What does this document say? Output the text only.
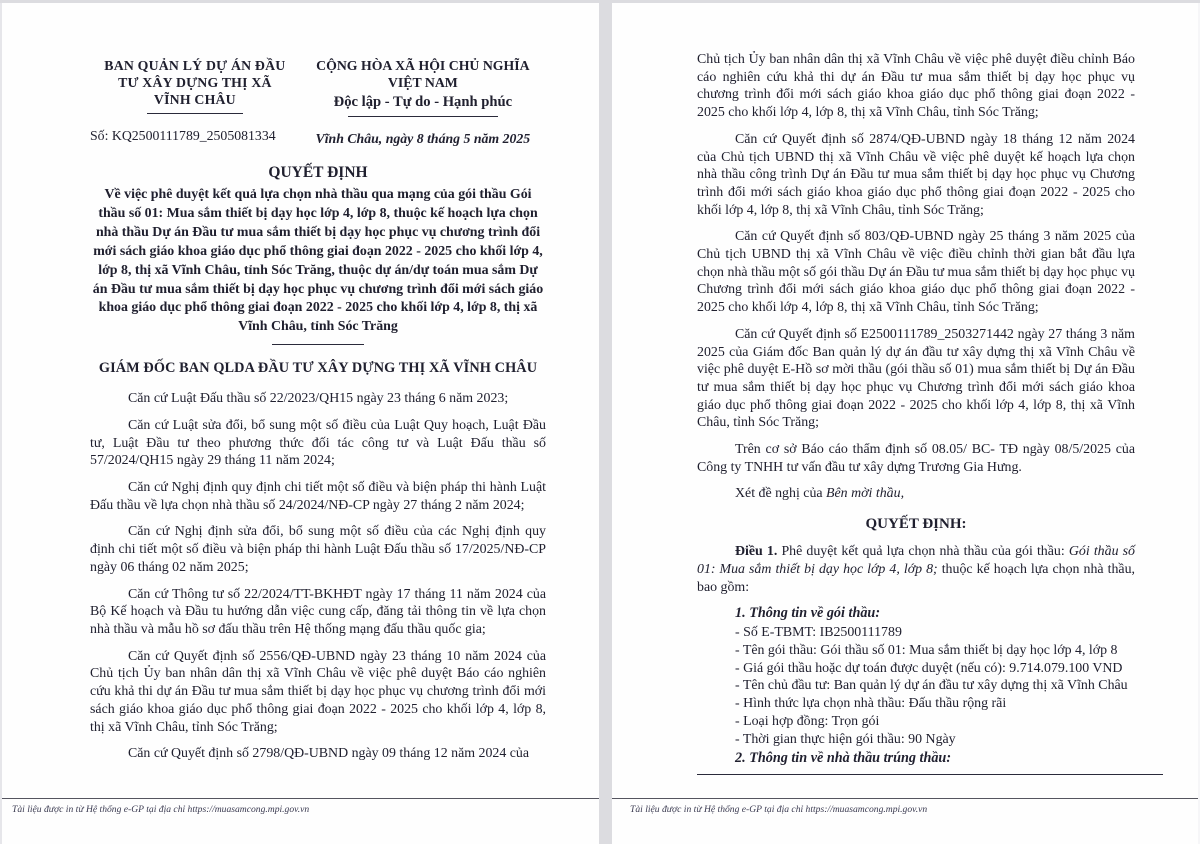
BAN QUẢN LÝ DỰ ÁN ĐẦU
TƯ XÂY DỰNG THỊ XÃ
VĨNH CHÂU
Số: KQ2500111789_2505081334
CỘNG HÒA XÃ HỘI CHỦ NGHĨA VIỆT NAM
Độc lập - Tự do - Hạnh phúc
Vĩnh Châu, ngày 8 tháng 5 năm 2025
QUYẾT ĐỊNH
Về việc phê duyệt kết quả lựa chọn nhà thầu qua mạng của gói thầu Gói thầu số 01: Mua sắm thiết bị dạy học lớp 4, lớp 8, thuộc kế hoạch lựa chọn nhà thầu Dự án Đầu tư mua sắm thiết bị dạy học phục vụ chương trình đổi mới sách giáo khoa giáo dục phổ thông giai đoạn 2022 - 2025 cho khối lớp 4, lớp 8, thị xã Vĩnh Châu, tỉnh Sóc Trăng, thuộc dự án/dự toán mua sắm Dự án Đầu tư mua sắm thiết bị dạy học phục vụ chương trình đổi mới sách giáo khoa giáo dục phổ thông giai đoạn 2022 - 2025 cho khối lớp 4, lớp 8, thị xã Vĩnh Châu, tỉnh Sóc Trăng
GIÁM ĐỐC BAN QLDA ĐẦU TƯ XÂY DỰNG THỊ XÃ VĨNH CHÂU

Căn cứ Luật Đấu thầu số 22/2023/QH15 ngày 23 tháng 6 năm 2023;

Căn cứ Luật sửa đổi, bổ sung một số điều của Luật Quy hoạch, Luật Đầu tư, Luật Đầu tư theo phương thức đối tác công tư và Luật Đấu thầu số 57/2024/QH15 ngày 29 tháng 11 năm 2024;

Căn cứ Nghị định quy định chi tiết một số điều và biện pháp thi hành Luật Đấu thầu về lựa chọn nhà thầu số 24/2024/NĐ-CP ngày 27 tháng 2 năm 2024;

Căn cứ Nghị định sửa đổi, bổ sung một số điều của các Nghị định quy định chi tiết một số điều và biện pháp thi hành Luật Đấu thầu số 17/2025/NĐ-CP ngày 06 tháng 02 năm 2025;

Căn cứ Thông tư số 22/2024/TT-BKHĐT ngày 17 tháng 11 năm 2024 của Bộ Kế hoạch và Đầu tu hướng dẫn việc cung cấp, đăng tải thông tin về lựa chọn nhà thầu và mẫu hồ sơ đấu thầu trên Hệ thống mạng đấu thầu quốc gia;

Căn cứ Quyết định số 2556/QĐ-UBND ngày 23 tháng 10 năm 2024 của Chủ tịch Ủy ban nhân dân thị xã Vĩnh Châu về việc phê duyệt Báo cáo nghiên cứu khả thi dự án Đầu tư mua sắm thiết bị dạy học phục vụ chương trình đổi mới sách giáo khoa giáo dục phổ thông giai đoạn 2022 - 2025 cho khối lớp 4, lớp 8, thị xã Vĩnh Châu, tỉnh Sóc Trăng;

Căn cứ Quyết định số 2798/QĐ-UBND ngày 09 tháng 12 năm 2024 của

Tài liệu được in từ Hệ thống e-GP tại địa chỉ https://muasamcong.mpi.gov.vn

Chủ tịch Ủy ban nhân dân thị xã Vĩnh Châu về việc phê duyệt điều chỉnh Báo cáo nghiên cứu khả thi dự án Đầu tư mua sắm thiết bị dạy học phục vụ chương trình đổi mới sách giáo khoa giáo dục phổ thông giai đoạn 2022 - 2025 cho khối lớp 4, lớp 8, thị xã Vĩnh Châu, tỉnh Sóc Trăng;

Căn cứ Quyết định số 2874/QĐ-UBND ngày 18 tháng 12 năm 2024 của Chủ tịch UBND thị xã Vĩnh Châu về việc phê duyệt kế hoạch lựa chọn nhà thầu công trình Dự án Đầu tư mua sắm thiết bị dạy học phục vụ Chương trình đổi mới sách giáo khoa giáo dục phổ thông giai đoạn 2022 - 2025 cho khối lớp 4, lớp 8, thị xã Vĩnh Châu, tỉnh Sóc Trăng;

Căn cứ Quyết định số 803/QĐ-UBND ngày 25 tháng 3 năm 2025 của Chủ tịch UBND thị xã Vĩnh Châu về việc điều chỉnh thời gian bắt đầu lựa chọn nhà thầu một số gói thầu Dự án Đầu tư mua sắm thiết bị dạy học phục vụ Chương trình đổi mới sách giáo khoa giáo dục phổ thông giai đoạn 2022 - 2025 cho khối lớp 4, lớp 8, thị xã Vĩnh Châu, tỉnh Sóc Trăng;

Căn cứ Quyết định số E2500111789_2503271442 ngày 27 tháng 3 năm 2025 của Giám đốc Ban quản lý dự án đầu tư xây dựng thị xã Vĩnh Châu về việc phê duyệt E-Hồ sơ mời thầu (gói thầu số 01) mua sắm thiết bị Dự án Đầu tư mua sắm thiết bị dạy học phục vụ Chương trình đổi mới sách giáo khoa giáo dục phổ thông giai đoạn 2022 - 2025 cho khối lớp 4, lớp 8, thị xã Vĩnh Châu, tỉnh Sóc Trăng;

Trên cơ sở Báo cáo thẩm định số 08.05/ BC- TĐ ngày 08/5/2025 của Công ty TNHH tư vấn đầu tư xây dựng Trương Gia Hưng.

Xét đề nghị của Bên mời thầu,

QUYẾT ĐỊNH:

Điều 1. Phê duyệt kết quả lựa chọn nhà thầu của gói thầu: Gói thầu số 01: Mua sắm thiết bị dạy học lớp 4, lớp 8; thuộc kế hoạch lựa chọn nhà thầu, bao gồm:

1. Thông tin về gói thầu:
- Số E-TBMT: IB2500111789
- Tên gói thầu: Gói thầu số 01: Mua sắm thiết bị dạy học lớp 4, lớp 8
- Giá gói thầu hoặc dự toán được duyệt (nếu có): 9.714.079.100 VND
- Tên chủ đầu tư: Ban quản lý dự án đầu tư xây dựng thị xã Vĩnh Châu
- Hình thức lựa chọn nhà thầu: Đấu thầu rộng rãi
- Loại hợp đồng: Trọn gói
- Thời gian thực hiện gói thầu: 90 Ngày
2. Thông tin về nhà thầu trúng thầu:
Tài liệu được in từ Hệ thống e-GP tại địa chỉ https://muasamcong.mpi.gov.vn
